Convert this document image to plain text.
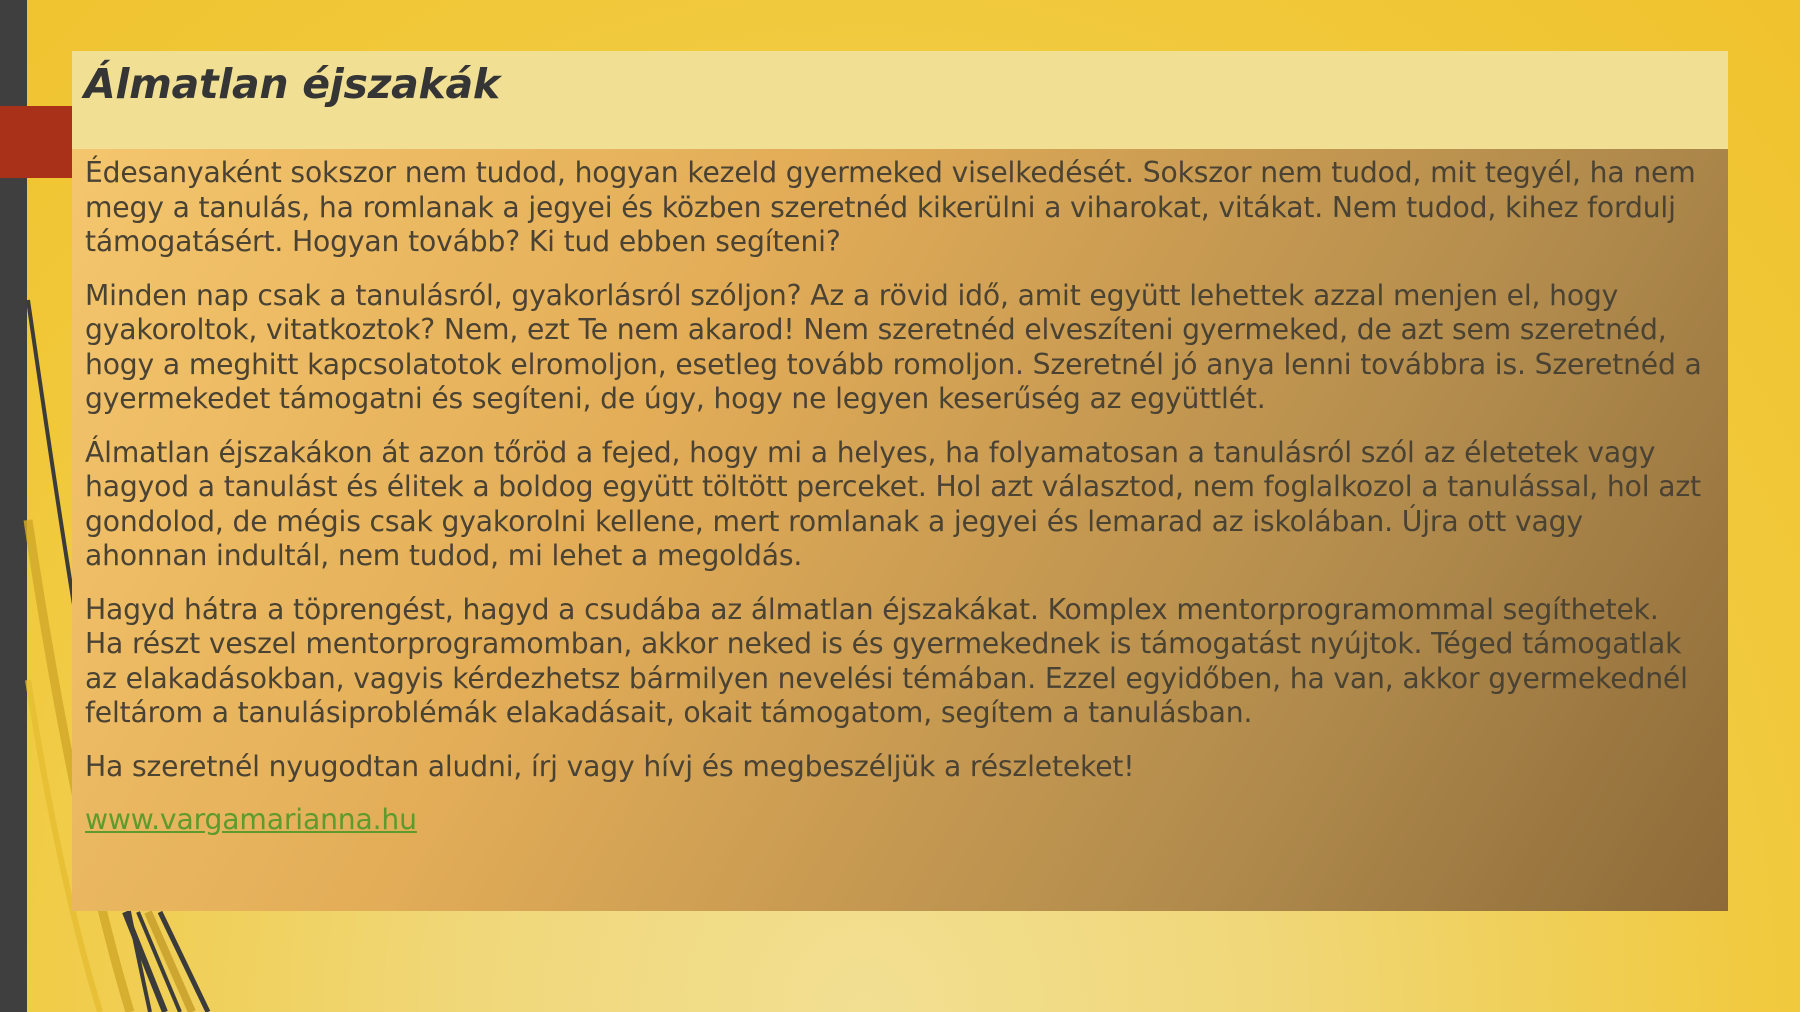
Álmatlan éjszakák

Édesanyaként sokszor nem tudod, hogyan kezeld gyermeked viselkedését. Sokszor nem tudod, mit tegyél, ha nem megy a tanulás, ha romlanak a jegyei és közben szeretnéd kikerülni a viharokat, vitákat. Nem tudod, kihez fordulj támogatásért. Hogyan tovább? Ki tud ebben segíteni?

Minden nap csak a tanulásról, gyakorlásról szóljon? Az a rövid idő, amit együtt lehettek azzal menjen el, hogy gyakoroltok, vitatkoztok? Nem, ezt Te nem akarod! Nem szeretnéd elveszíteni gyermeked, de azt sem szeretnéd, hogy a meghitt kapcsolatotok elromoljon, esetleg tovább romoljon. Szeretnél jó anya lenni továbbra is. Szeretnéd a gyermekedet támogatni és segíteni, de úgy, hogy ne legyen keserűség az együttlét.

Álmatlan éjszakákon át azon tőröd a fejed, hogy mi a helyes, ha folyamatosan a tanulásról szól az életetek vagy hagyod a tanulást és élitek a boldog együtt töltött perceket. Hol azt választod, nem foglalkozol a tanulással, hol azt gondolod, de mégis csak gyakorolni kellene, mert romlanak a jegyei és lemarad az iskolában. Újra ott vagy ahonnan indultál, nem tudod, mi lehet a megoldás.

Hagyd hátra a töprengést, hagyd a csudába az álmatlan éjszakákat. Komplex mentorprogramommal segíthetek. Ha részt veszel mentorprogramomban, akkor neked is és gyermekednek is támogatást nyújtok. Téged támogatlak az elakadásokban, vagyis kérdezhetsz bármilyen nevelési témában. Ezzel egyidőben, ha van, akkor gyermekednél feltárom a tanulásiproblémák elakadásait, okait támogatom, segítem a tanulásban.

Ha szeretnél nyugodtan aludni, írj vagy hívj és megbeszéljük a részleteket!

www.vargamarianna.hu
